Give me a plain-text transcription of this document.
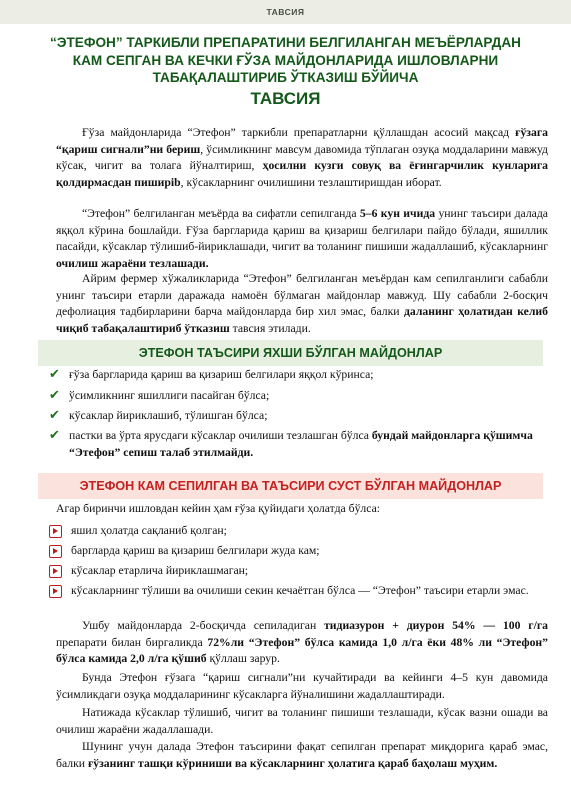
ТАВСИЯ
“ЭТЕФОН” ТАРКИБЛИ ПРЕПАРАТИНИ БЕЛГИЛАНГАН МЕЪЁРЛАРДАН КАМ СЕПГАН ВА КЕЧКИ ҒЎЗА МАЙДОНЛАРИДА ИШЛОВЛАРНИ ТАБАҚАЛАШТИРИБ ЎТКАЗИШ БЎЙИЧА
ТАВСИЯ

Ғўза майдонларида “Этефон” таркибли препаратларни қўллашдан асосий мақсад ғўзага “қариш сигнали”ни бериш, ўсимликнинг мавсум давомида тўплаган озуқа моддаларини мавжуд кўсак, чигит ва толага йўналтириш, ҳосилни кузги совуқ ва ёғингарчилик кунларига қолдирмасдан пиширib, кўсакларнинг очилишини тезлаштиришдан иборат.

“Этефон” белгиланган меъёрда ва сифатли сепилганда 5–6 кун ичида унинг таъсири далада яққол кўрина бошлайди. Ғўза баргларида қариш ва қизариш белгилари пайдо бўлади, яшиллик пасайди, кўсаклар тўлишиб-йириклашади, чигит ва толанинг пишиши жадаллашиб, кўсакларнинг очилиш жараёни тезлашади.

Айрим фермер хўжаликларида “Этефон” белгиланган меъёрдан кам сепилганлиги сабабли унинг таъсири етарли даражада намоён бўлмаган майдонлар мавжуд. Шу сабабли 2-босқич дефолиация тадбирларини барча майдонларда бир хил эмас, балки даланинг ҳолатидан келиб чиқиб табақалаштириб ўтказиш тавсия этилади.

ЭТЕФОН ТАЪСИРИ ЯХШИ БЎЛГАН МАЙДОНЛАР
✔ ғўза баргларида қариш ва қизариш белгилари яққол кўринса;
✔ ўсимликнинг яшиллиги пасайган бўлса;
✔ кўсаклар йириклашиб, тўлишган бўлса;
✔ пастки ва ўрта ярусдаги кўсаклар очилиши тезлашган бўлса бундай майдонларга қўшимча “Этефон” сепиш талаб этилмайди.
ЭТЕФОН КАМ СЕПИЛГАН ВА ТАЪСИРИ СУСТ БЎЛГАН МАЙДОНЛАР

Агар биринчи ишловдан кейин ҳам ғўза қуйидаги ҳолатда бўлса:

яшил ҳолатда сақланиб қолган;
баргларда қариш ва қизариш белгилари жуда кам;
кўсаклар етарлича йириклашмаган;
кўсакларнинг тўлиши ва очилиши секин кечаётган бўлса — “Этефон” таъсири етарли эмас.

Ушбу майдонларда 2-босқичда сепиладиган тидиазурон + диурон 54% — 100 г/га препарати билан биргаликда 72%ли “Этефон” бўлса камида 1,0 л/га ёки 48% ли “Этефон” бўлса камида 2,0 л/га қўшиб қўллаш зарур.

Бунда Этефон ғўзага “қариш сигнали”ни кучайтиради ва кейинги 4–5 кун давомида ўсимликдаги озуқа моддаларининг кўсакларга йўналишини жадаллаштиради.

Натижада кўсаклар тўлишиб, чигит ва толанинг пишиши тезлашади, кўсак вазни ошади ва очилиш жараёни жадаллашади.

Шунинг учун далада Этефон таъсирини фақат сепилган препарат миқдорига қараб эмас, балки ғўзанинг ташқи кўриниши ва кўсакларнинг ҳолатига қараб баҳолаш муҳим.
